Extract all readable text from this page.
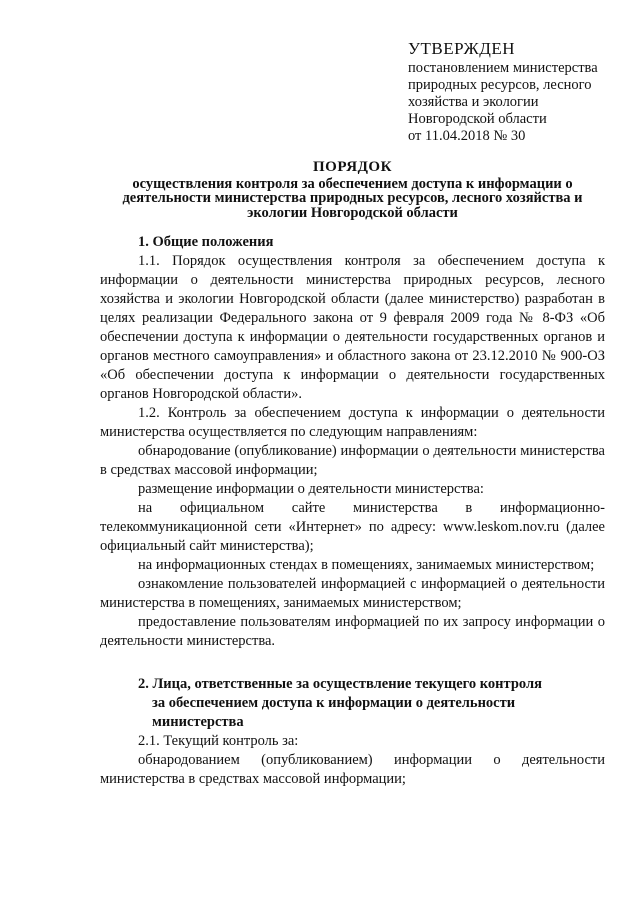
УТВЕРЖДЕН
постановлением министерства
природных ресурсов, лесного
хозяйства и экологии
Новгородской области
от 11.04.2018 № 30
ПОРЯДОК
осуществления контроля за обеспечением доступа к информации о
деятельности министерства природных ресурсов, лесного хозяйства и
экологии Новгородской области
1. Общие положения
1.1. Порядок осуществления контроля за обеспечением доступа к информации о деятельности министерства природных ресурсов, лесного хозяйства и экологии Новгородской области (далее министерство) разработан в целях реализации Федерального закона от 9 февраля 2009 года № 8-ФЗ «Об обеспечении доступа к информации о деятельности государственных органов и органов местного самоуправления» и областного закона от 23.12.2010 № 900-ОЗ «Об обеспечении доступа к информации о деятельности государственных органов Новгородской области».
1.2. Контроль за обеспечением доступа к информации о деятельности министерства осуществляется по следующим направлениям:
обнародование (опубликование) информации о деятельности министерства в средствах массовой информации;
размещение информации о деятельности министерства:
на официальном сайте министерства в информационно-телекоммуникационной сети «Интернет» по адресу: www.leskom.nov.ru (далее официальный сайт министерства);
на информационных стендах в помещениях, занимаемых министерством;
ознакомление пользователей информацией с информацией о деятельности министерства в помещениях, занимаемых министерством;
предоставление пользователям информацией по их запросу информации о деятельности министерства.
2. Лица, ответственные за осуществление текущего контроля
за обеспечением доступа к информации о деятельности
министерства
2.1. Текущий контроль за:
обнародованием (опубликованием) информации о деятельности министерства в средствах массовой информации;
